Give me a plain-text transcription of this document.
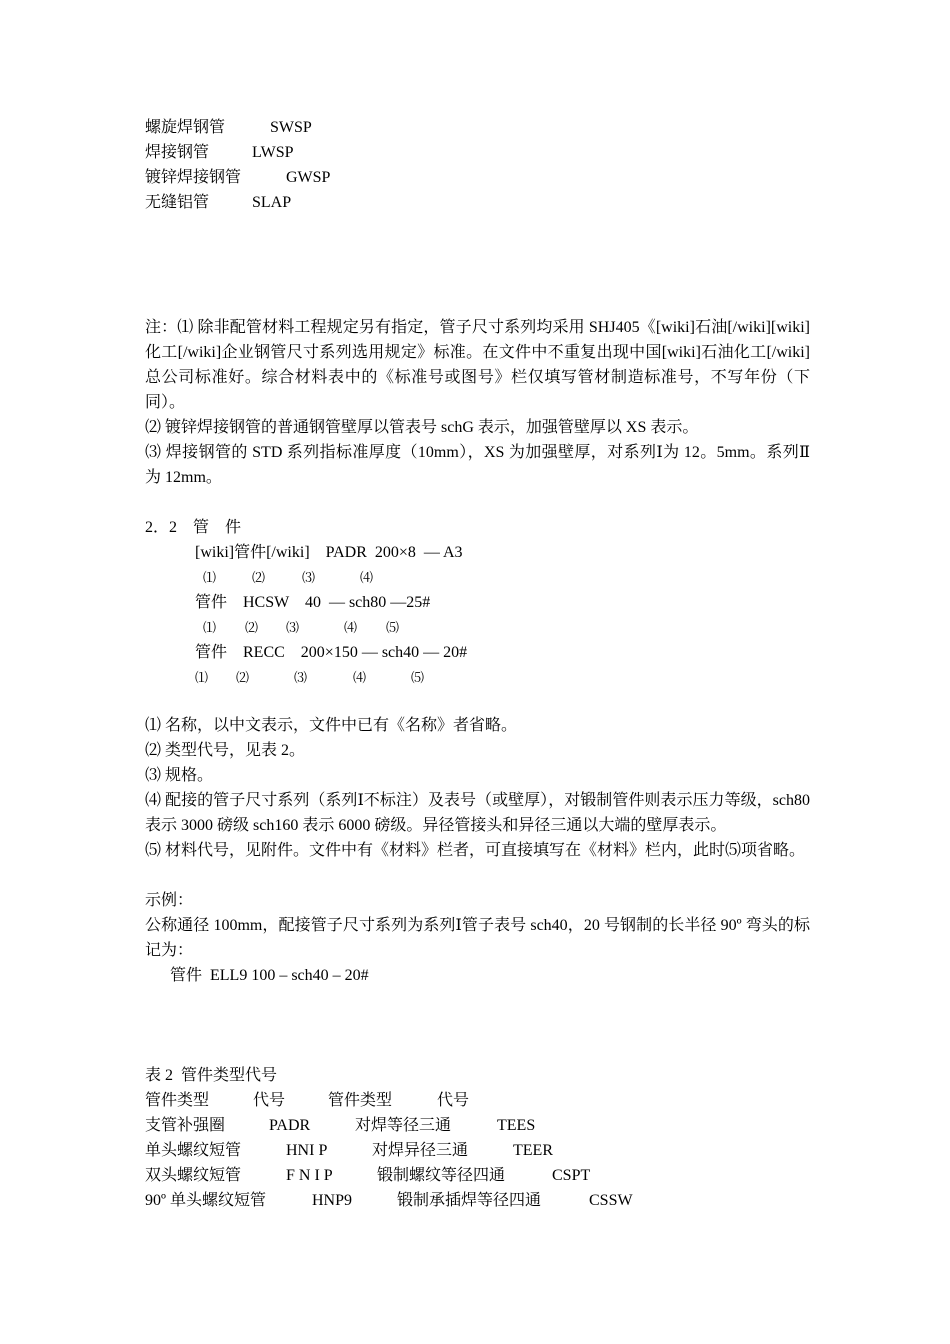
螺旋焊钢管	SWSP
焊接钢管	LWSP
镀锌焊接钢管	GWSP
无缝铝管	SLAP
注：⑴ 除非配管材料工程规定另有指定，管子尺寸系列均采用 SHJ405《[wiki]石油[/wiki][wiki]化工[/wiki]企业钢管尺寸系列选用规定》标准。在文件中不重复出现中国[wiki]石油化工[/wiki]总公司标准好。综合材料表中的《标准号或图号》栏仅填写管材制造标准号，不写年份（下同）。
⑵ 镀锌焊接钢管的普通钢管壁厚以管表号 schG 表示，加强管壁厚以 XS 表示。
⑶ 焊接钢管的 STD 系列指标准厚度（10mm），XS 为加强壁厚，对系列Ⅰ为 12。5mm。系列Ⅱ为 12mm。
2．2　管　件
[wiki]管件[/wiki]    PADR  200×8  — A3
⑴	⑵	⑶	⑷
管件    HCSW    40  — sch80 —25#
⑴ ⑵ ⑶	⑷ ⑸
管件    RECC    200×150 — sch40 — 20#
⑴ ⑵	⑶	⑷	⑸
⑴ 名称，以中文表示，文件中已有《名称》者省略。
⑵ 类型代号，见表 2。
⑶ 规格。
⑷ 配接的管子尺寸系列（系列Ⅰ不标注）及表号（或壁厚），对锻制管件则表示压力等级，sch80 表示 3000 磅级 sch160 表示 6000 磅级。异径管接头和异径三通以大端的壁厚表示。
⑸ 材料代号，见附件。文件中有《材料》栏者，可直接填写在《材料》栏内，此时⑸项省略。
示例：
公称通径 100mm，配接管子尺寸系列为系列Ⅰ管子表号 sch40，20 号钢制的长半径 90º 弯头的标记为：
管件  ELL9 100 – sch40 – 20#
表 2  管件类型代号
管件类型	代号	管件类型	代号
支管补强圈	PADR	对焊等径三通	TEES
单头螺纹短管	HNI P	对焊异径三通	TEER
双头螺纹短管	F N I P	锻制螺纹等径四通	CSPT
90º 单头螺纹短管	HNP9	锻制承插焊等径四通	CSSW
